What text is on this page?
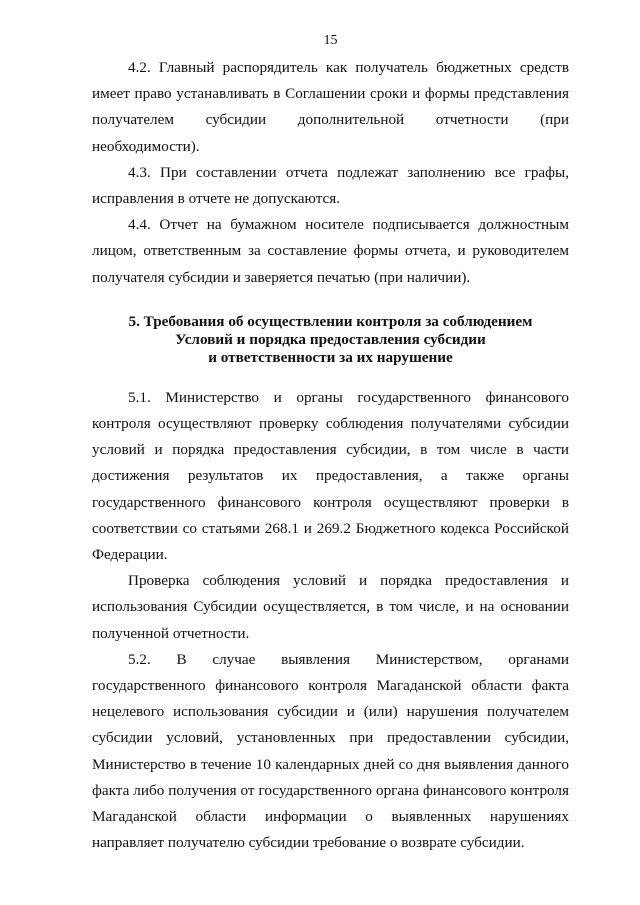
15

4.2. Главный распорядитель как получатель бюджетных средств имеет право устанавливать в Соглашении сроки и формы представления получателем субсидии дополнительной отчетности (при необходимости).

4.3. При составлении отчета подлежат заполнению все графы, исправления в отчете не допускаются.

4.4. Отчет на бумажном носителе подписывается должностным лицом, ответственным за составление формы отчета, и руководителем получателя субсидии и заверяется печатью (при наличии).

5. Требования об осуществлении контроля за соблюдением
Условий и порядка предоставления субсидии
и ответственности за их нарушение

5.1. Министерство и органы государственного финансового контроля осуществляют проверку соблюдения получателями субсидии условий и порядка предоставления субсидии, в том числе в части достижения результатов их предоставления, а также органы государственного финансового контроля осуществляют проверки в соответствии со статьями 268.1 и 269.2 Бюджетного кодекса Российской Федерации.

Проверка соблюдения условий и порядка предоставления и использования Субсидии осуществляется, в том числе, и на основании полученной отчетности.

5.2. В случае выявления Министерством, органами государственного финансового контроля Магаданской области факта нецелевого использования субсидии и (или) нарушения получателем субсидии условий, установленных при предоставлении субсидии, Министерство в течение 10 календарных дней со дня выявления данного факта либо получения от государственного органа финансового контроля Магаданской области информации о выявленных нарушениях направляет получателю субсидии требование о возврате субсидии.
